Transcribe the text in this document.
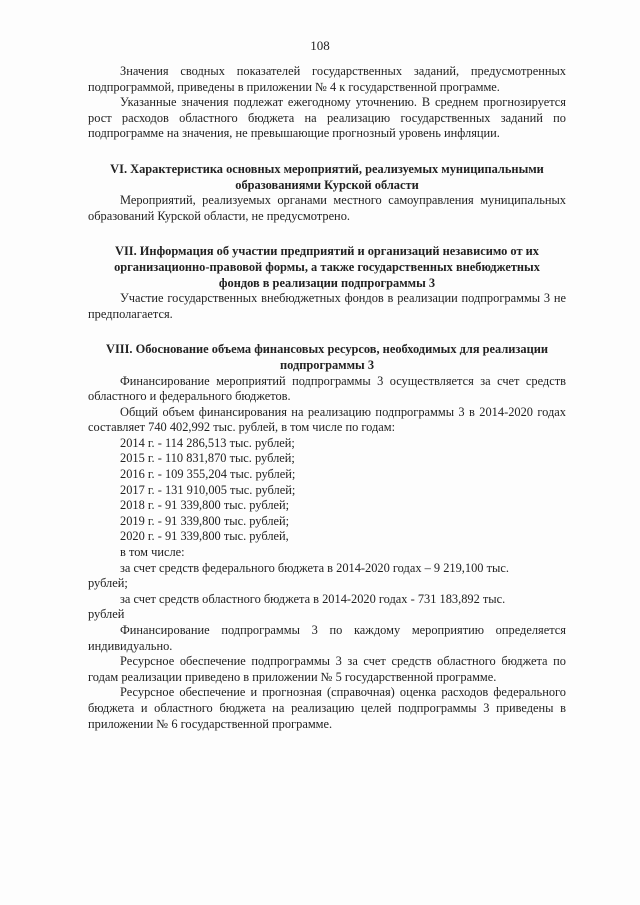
108

Значения сводных показателей государственных заданий, предусмотренных подпрограммой, приведены в приложении № 4 к государственной программе.

Указанные значения подлежат ежегодному уточнению. В среднем прогнозируется рост расходов областного бюджета на реализацию государственных заданий по подпрограмме на значения, не превышающие прогнозный уровень инфляции.

VI. Характеристика основных мероприятий, реализуемых муниципальными образованиями Курской области

Мероприятий, реализуемых органами местного самоуправления муниципальных образований Курской области, не предусмотрено.

VII. Информация об участии предприятий и организаций независимо от их организационно-правовой формы, а также государственных внебюджетных фондов в реализации подпрограммы 3

Участие государственных внебюджетных фондов в реализации подпрограммы 3 не предполагается.

VIII. Обоснование объема финансовых ресурсов, необходимых для реализации подпрограммы 3

Финансирование мероприятий подпрограммы 3 осуществляется за счет средств областного и федерального бюджетов.

Общий объем финансирования на реализацию подпрограммы 3 в 2014-2020 годах составляет 740 402,992 тыс. рублей, в том числе по годам:

2014 г. - 114 286,513 тыс. рублей;

2015 г. - 110 831,870 тыс. рублей;

2016 г. - 109 355,204 тыс. рублей;

2017 г. - 131 910,005 тыс. рублей;

2018 г. - 91 339,800 тыс. рублей;

2019 г. - 91 339,800 тыс. рублей;

2020 г. - 91 339,800 тыс. рублей,

в том числе:

за счет средств федерального бюджета в 2014-2020 годах – 9 219,100 тыс.

рублей;

за счет средств областного бюджета в 2014-2020 годах - 731 183,892 тыс.

рублей

Финансирование подпрограммы 3 по каждому мероприятию определяется индивидуально.

Ресурсное обеспечение подпрограммы 3 за счет средств областного бюджета по годам реализации приведено в приложении № 5 государственной программе.

Ресурсное обеспечение и прогнозная (справочная) оценка расходов федерального бюджета и областного бюджета на реализацию целей подпрограммы 3 приведены в приложении № 6 государственной программе.
